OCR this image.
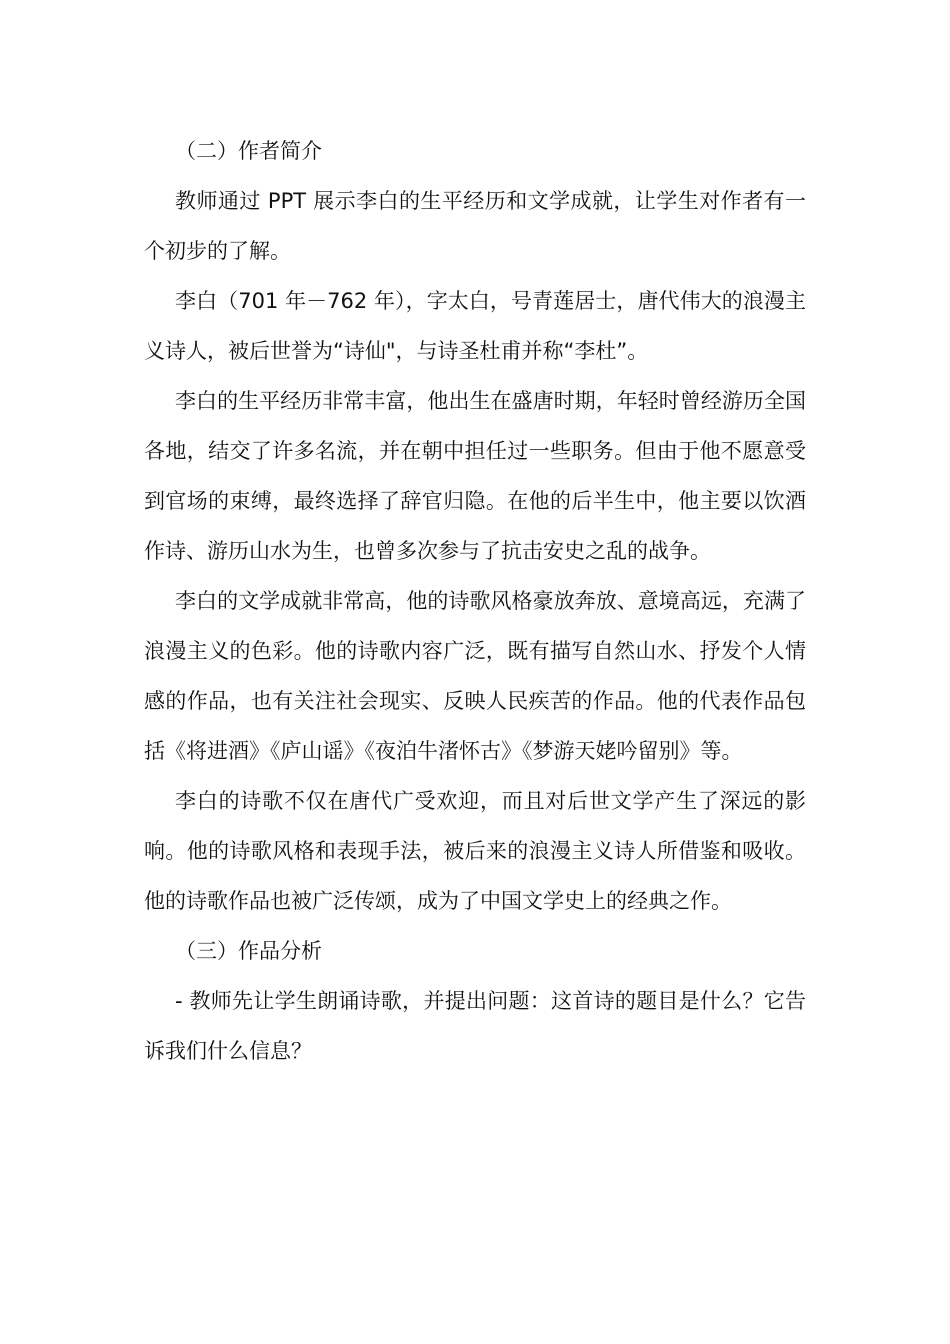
（二）作者简介

教师通过 PPT 展示李白的生平经历和文学成就，让学生对作者有一个初步的了解。

李白（701 年－762 年），字太白，号青莲居士，唐代伟大的浪漫主义诗人，被后世誉为“诗仙"，与诗圣杜甫并称“李杜”。

李白的生平经历非常丰富，他出生在盛唐时期，年轻时曾经游历全国各地，结交了许多名流，并在朝中担任过一些职务。但由于他不愿意受到官场的束缚，最终选择了辞官归隐。在他的后半生中，他主要以饮酒作诗、游历山水为生，也曾多次参与了抗击安史之乱的战争。

李白的文学成就非常高，他的诗歌风格豪放奔放、意境高远，充满了浪漫主义的色彩。他的诗歌内容广泛，既有描写自然山水、抒发个人情感的作品，也有关注社会现实、反映人民疾苦的作品。他的代表作品包括《将进酒》《庐山谣》《夜泊牛渚怀古》《梦游天姥吟留别》等。

李白的诗歌不仅在唐代广受欢迎，而且对后世文学产生了深远的影响。他的诗歌风格和表现手法，被后来的浪漫主义诗人所借鉴和吸收。他的诗歌作品也被广泛传颂，成为了中国文学史上的经典之作。

（三）作品分析

- 教师先让学生朗诵诗歌，并提出问题：这首诗的题目是什么？它告诉我们什么信息？
